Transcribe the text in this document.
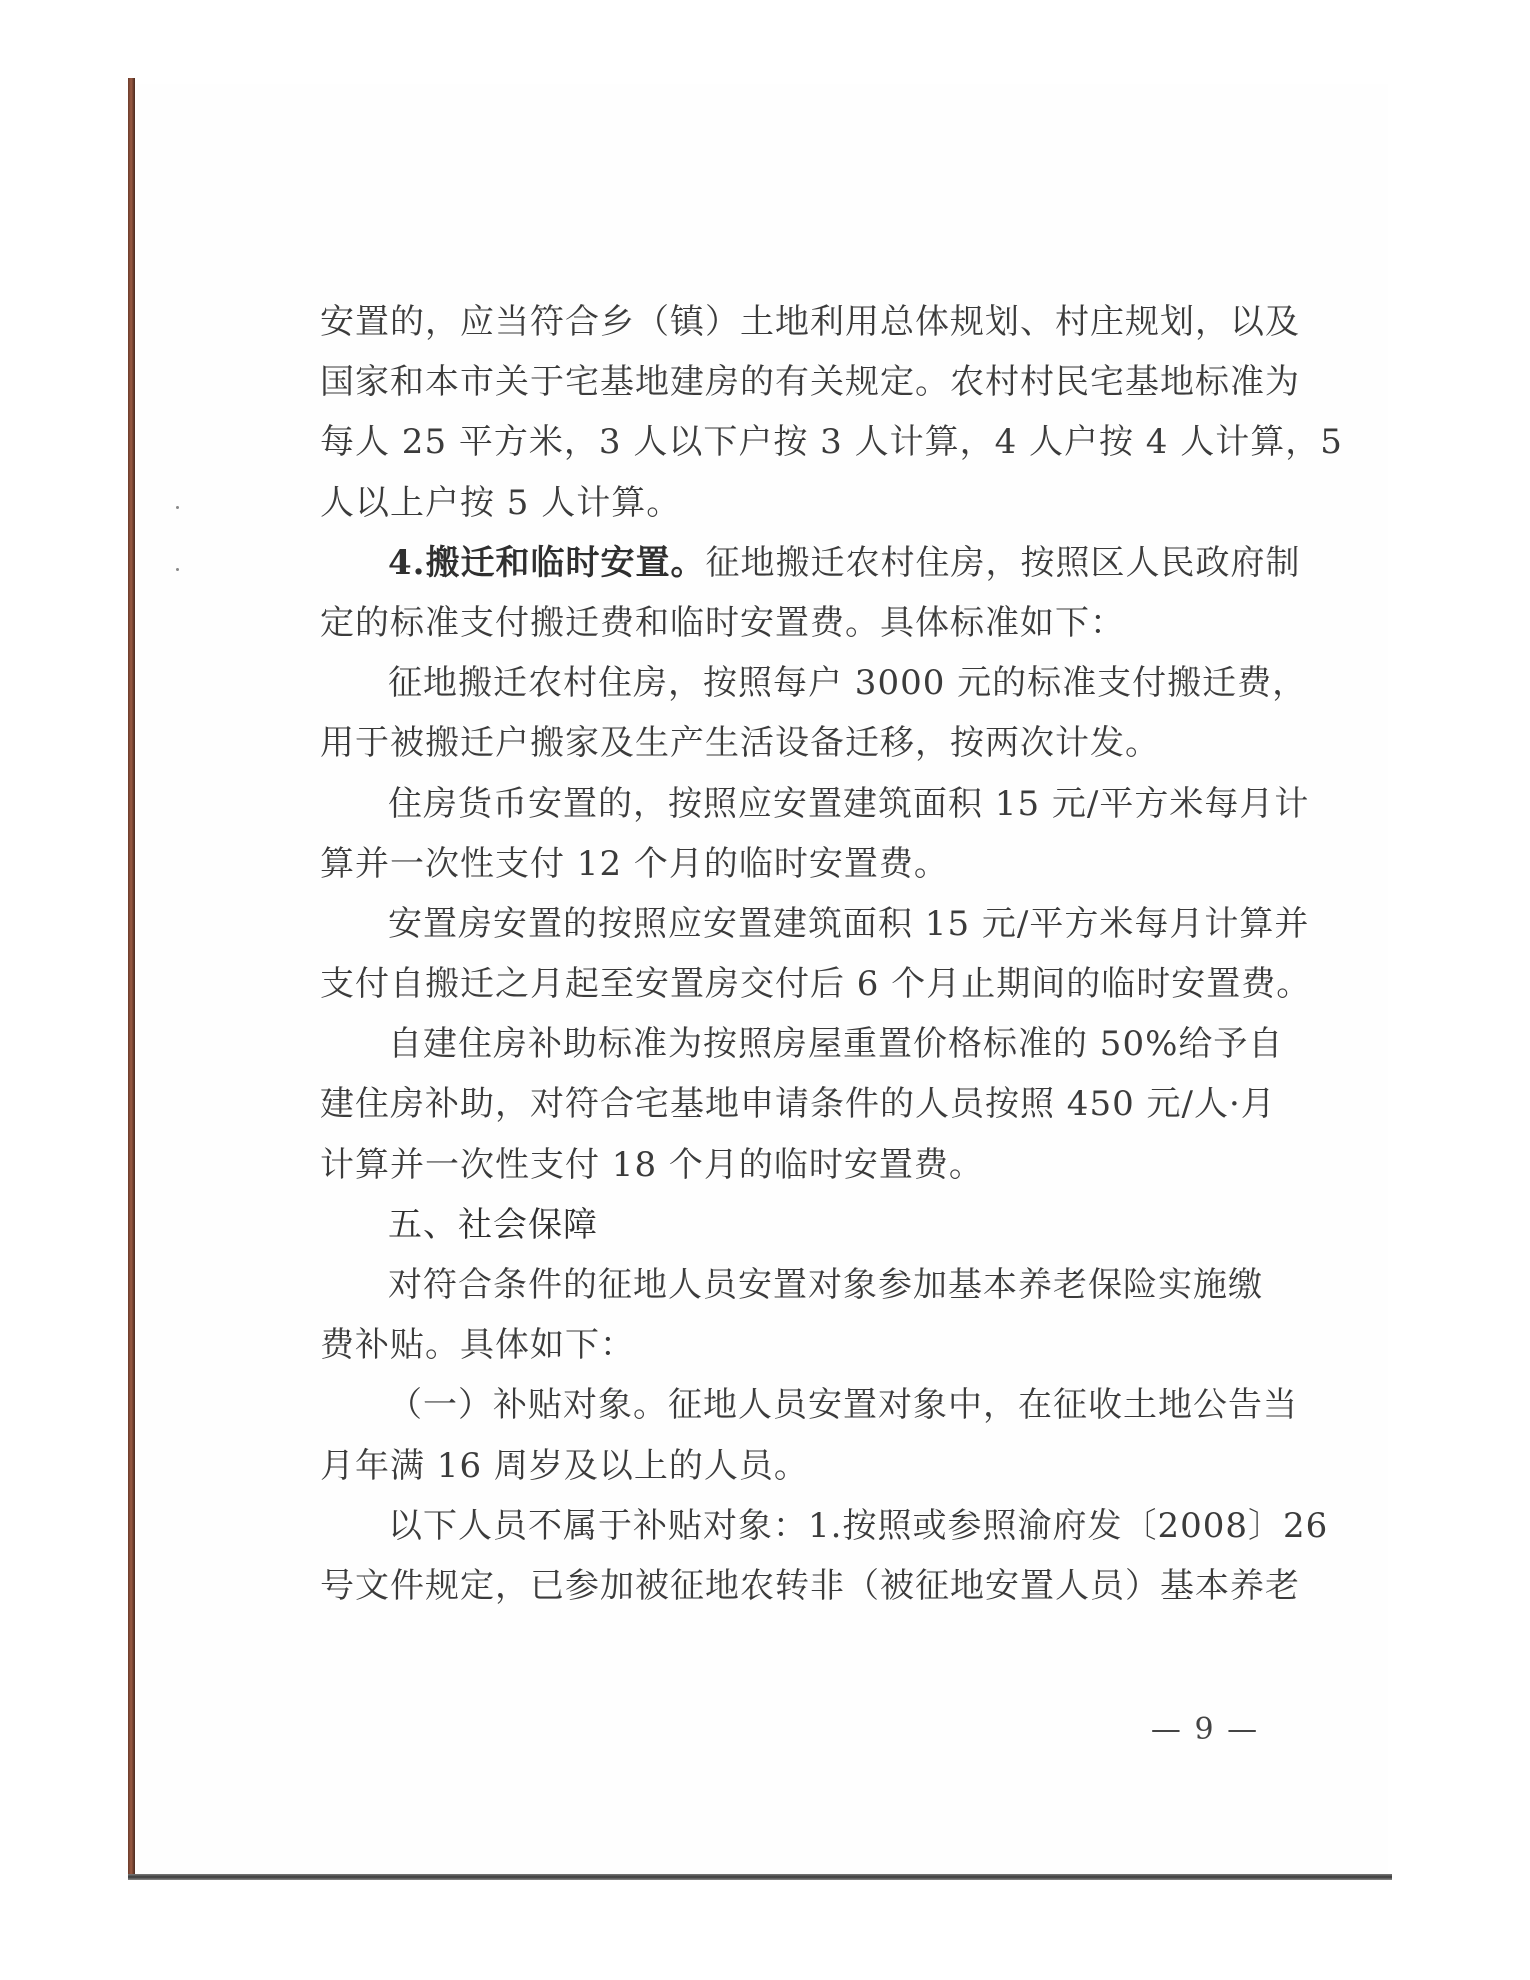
安置的，应当符合乡（镇）土地利用总体规划、村庄规划，以及
国家和本市关于宅基地建房的有关规定。农村村民宅基地标准为
每人 25 平方米，3 人以下户按 3 人计算，4 人户按 4 人计算，5
人以上户按 5 人计算。
4.搬迁和临时安置。征地搬迁农村住房，按照区人民政府制
定的标准支付搬迁费和临时安置费。具体标准如下：
征地搬迁农村住房，按照每户 3000 元的标准支付搬迁费，
用于被搬迁户搬家及生产生活设备迁移，按两次计发。
住房货币安置的，按照应安置建筑面积 15 元/平方米每月计
算并一次性支付 12 个月的临时安置费。
安置房安置的按照应安置建筑面积 15 元/平方米每月计算并
支付自搬迁之月起至安置房交付后 6 个月止期间的临时安置费。
自建住房补助标准为按照房屋重置价格标准的 50%给予自
建住房补助，对符合宅基地申请条件的人员按照 450 元/人·月
计算并一次性支付 18 个月的临时安置费。
五、社会保障
对符合条件的征地人员安置对象参加基本养老保险实施缴
费补贴。具体如下：
（一）补贴对象。征地人员安置对象中，在征收土地公告当
月年满 16 周岁及以上的人员。
以下人员不属于补贴对象：1.按照或参照渝府发〔2008〕26
号文件规定，已参加被征地农转非（被征地安置人员）基本养老
— 9 —
